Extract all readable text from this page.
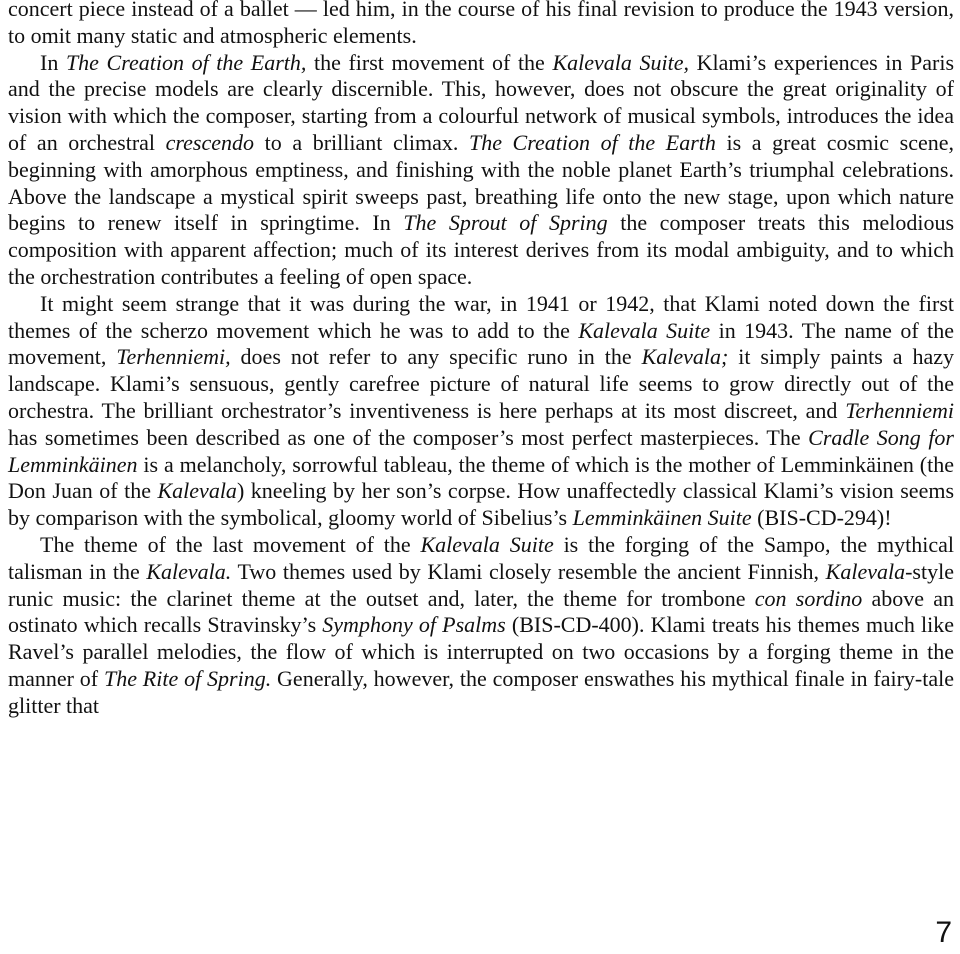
concert piece instead of a ballet — led him, in the course of his final revision to produce the 1943 version, to omit many static and atmospheric elements.

In The Creation of the Earth, the first movement of the Kalevala Suite, Klami’s experiences in Paris and the precise models are clearly discernible. This, however, does not obscure the great originality of vision with which the composer, starting from a colourful network of musical symbols, introduces the idea of an orchestral crescendo to a brilliant climax. The Creation of the Earth is a great cosmic scene, beginning with amorphous emptiness, and finishing with the noble planet Earth’s triumphal celebrations. Above the landscape a mystical spirit sweeps past, breathing life onto the new stage, upon which nature begins to renew itself in springtime. In The Sprout of Spring the composer treats this melodious composition with apparent affection; much of its interest derives from its modal ambiguity, and to which the orchestration contributes a feeling of open space.

It might seem strange that it was during the war, in 1941 or 1942, that Klami noted down the first themes of the scherzo movement which he was to add to the Kalevala Suite in 1943. The name of the movement, Terhenniemi, does not refer to any specific runo in the Kalevala; it simply paints a hazy landscape. Klami’s sensuous, gently carefree picture of natural life seems to grow directly out of the orchestra. The brilliant orchestrator’s inventiveness is here perhaps at its most discreet, and Terhenniemi has sometimes been described as one of the composer’s most perfect masterpieces. The Cradle Song for Lemminkäinen is a melancholy, sorrowful tableau, the theme of which is the mother of Lemminkäinen (the Don Juan of the Kalevala) kneeling by her son’s corpse. How unaffectedly classical Klami’s vision seems by comparison with the symbolical, gloomy world of Sibelius’s Lemminkäinen Suite (BIS-CD-294)!

The theme of the last movement of the Kalevala Suite is the forging of the Sampo, the mythical talisman in the Kalevala. Two themes used by Klami closely resemble the ancient Finnish, Kalevala-style runic music: the clarinet theme at the outset and, later, the theme for trombone con sordino above an ostinato which recalls Stravinsky’s Symphony of Psalms (BIS-CD-400). Klami treats his themes much like Ravel’s parallel melodies, the flow of which is interrupted on two occasions by a forging theme in the manner of The Rite of Spring. Generally, however, the composer enswathes his mythical finale in fairy-tale glitter that

7
